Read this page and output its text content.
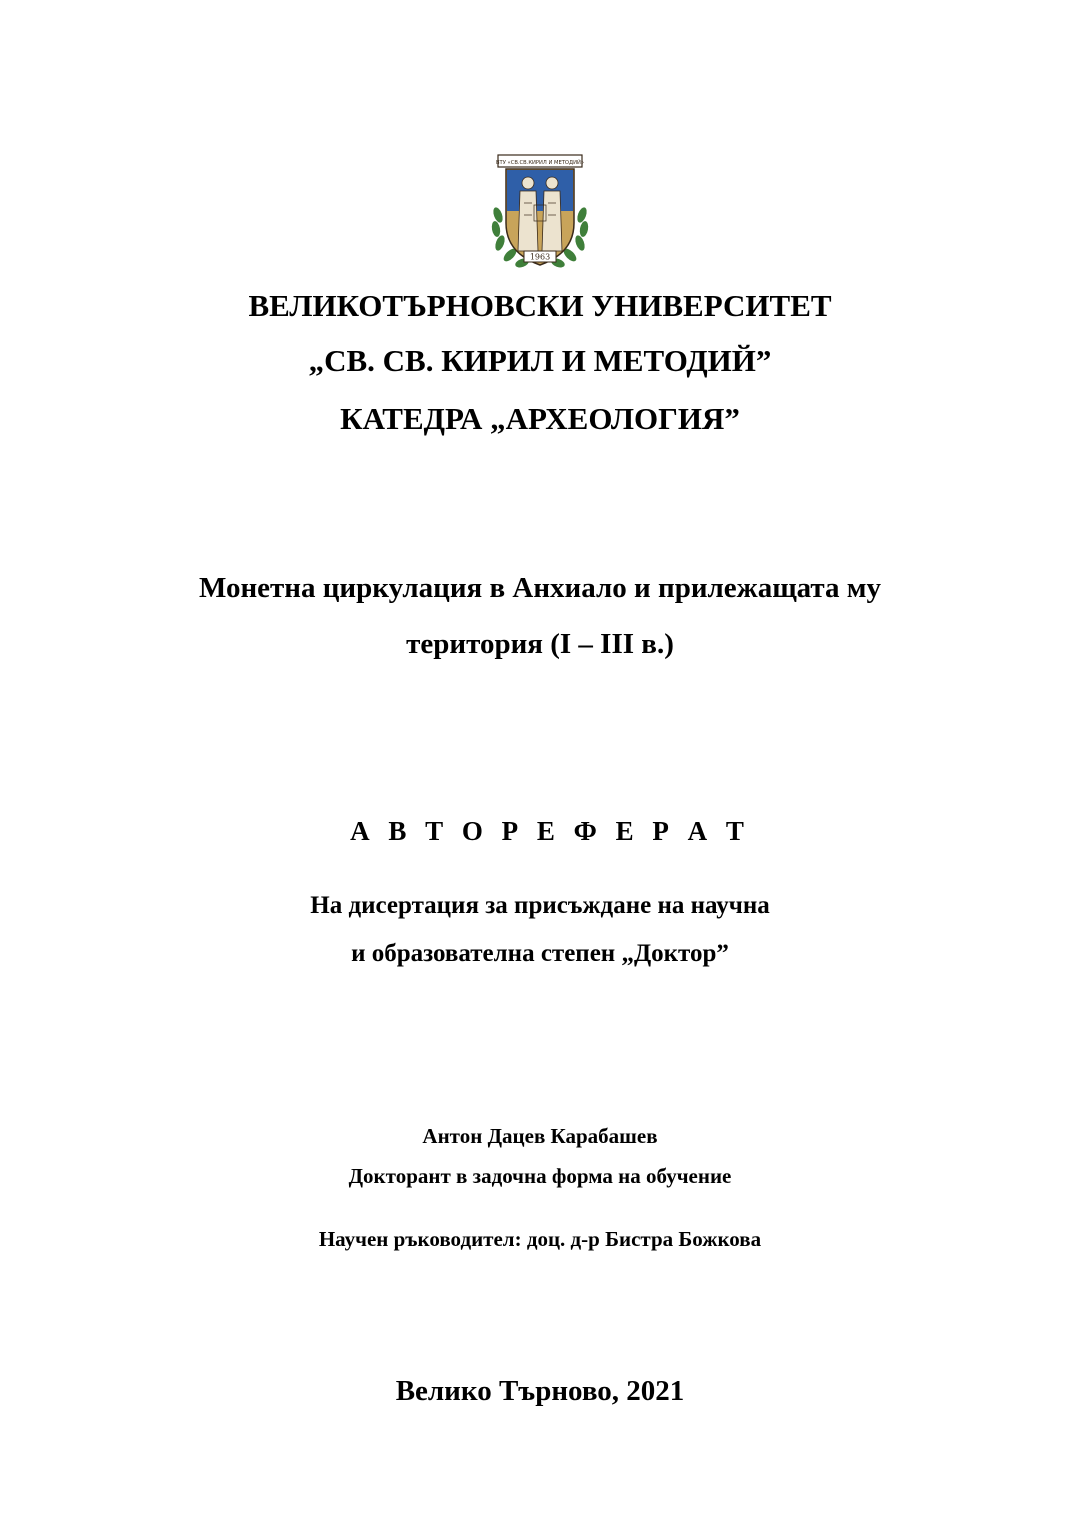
ВТУ «СВ.СВ.КИРИЛ И МЕТОДИЙ»
1963
ВЕЛИКОТЪРНОВСКИ УНИВЕРСИТЕТ
„СВ. СВ. КИРИЛ И МЕТОДИЙ”
КАТЕДРА „АРХЕОЛОГИЯ”
Монетна циркулация в Анхиало и прилежащата му
територия (I – III в.)
А В Т О Р Е Ф Е Р А Т
На дисертация за присъждане на научна
и образователна степен „Доктор”
Антон Дацев Карабашев
Докторант в задочна форма на обучение
Научен ръководител: доц. д-р Бистра Божкова
Велико Търново, 2021
